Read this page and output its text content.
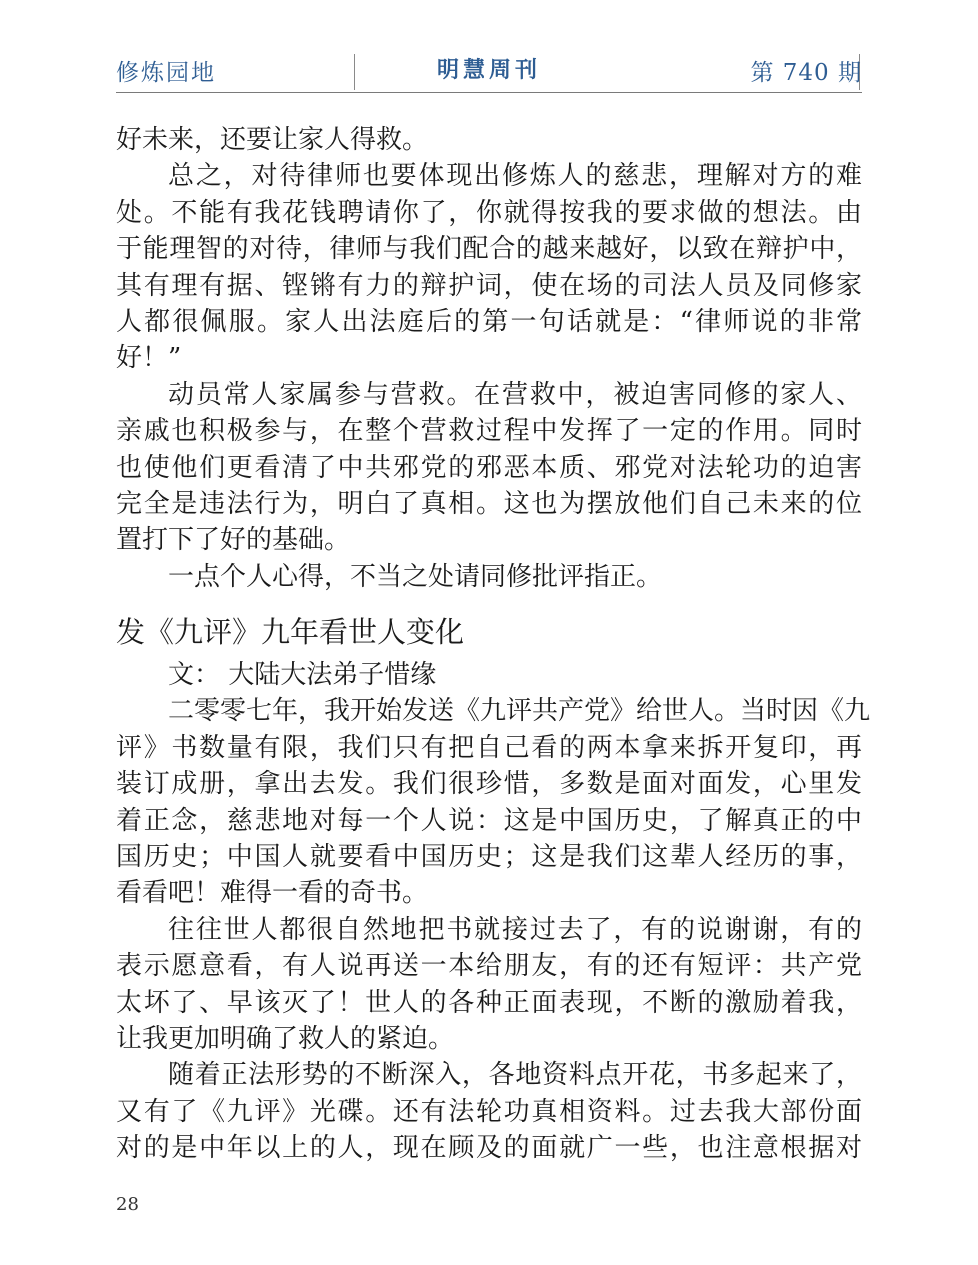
修炼园地	明慧周刊	第 740 期
好未来，还要让家人得救。
总之，对待律师也要体现出修炼人的慈悲，理解对方的难
处。不能有我花钱聘请你了，你就得按我的要求做的想法。由
于能理智的对待，律师与我们配合的越来越好，以致在辩护中，
其有理有据、铿锵有力的辩护词，使在场的司法人员及同修家
人都很佩服。家人出法庭后的第一句话就是：“律师说的非常
好！”
动员常人家属参与营救。在营救中，被迫害同修的家人、
亲戚也积极参与，在整个营救过程中发挥了一定的作用。同时
也使他们更看清了中共邪党的邪恶本质、邪党对法轮功的迫害
完全是违法行为，明白了真相。这也为摆放他们自己未来的位
置打下了好的基础。
一点个人心得，不当之处请同修批评指正。
发《九评》九年看世人变化
文： 大陆大法弟子惜缘
二零零七年，我开始发送《九评共产党》给世人。当时因《九
评》书数量有限，我们只有把自己看的两本拿来拆开复印，再
装订成册，拿出去发。我们很珍惜，多数是面对面发，心里发
着正念，慈悲地对每一个人说：这是中国历史，了解真正的中
国历史；中国人就要看中国历史；这是我们这辈人经历的事，
看看吧！难得一看的奇书。
往往世人都很自然地把书就接过去了，有的说谢谢，有的
表示愿意看，有人说再送一本给朋友，有的还有短评：共产党
太坏了、早该灭了！世人的各种正面表现，不断的激励着我，
让我更加明确了救人的紧迫。
随着正法形势的不断深入，各地资料点开花，书多起来了，
又有了《九评》光碟。还有法轮功真相资料。过去我大部份面
对的是中年以上的人，现在顾及的面就广一些，也注意根据对
28
